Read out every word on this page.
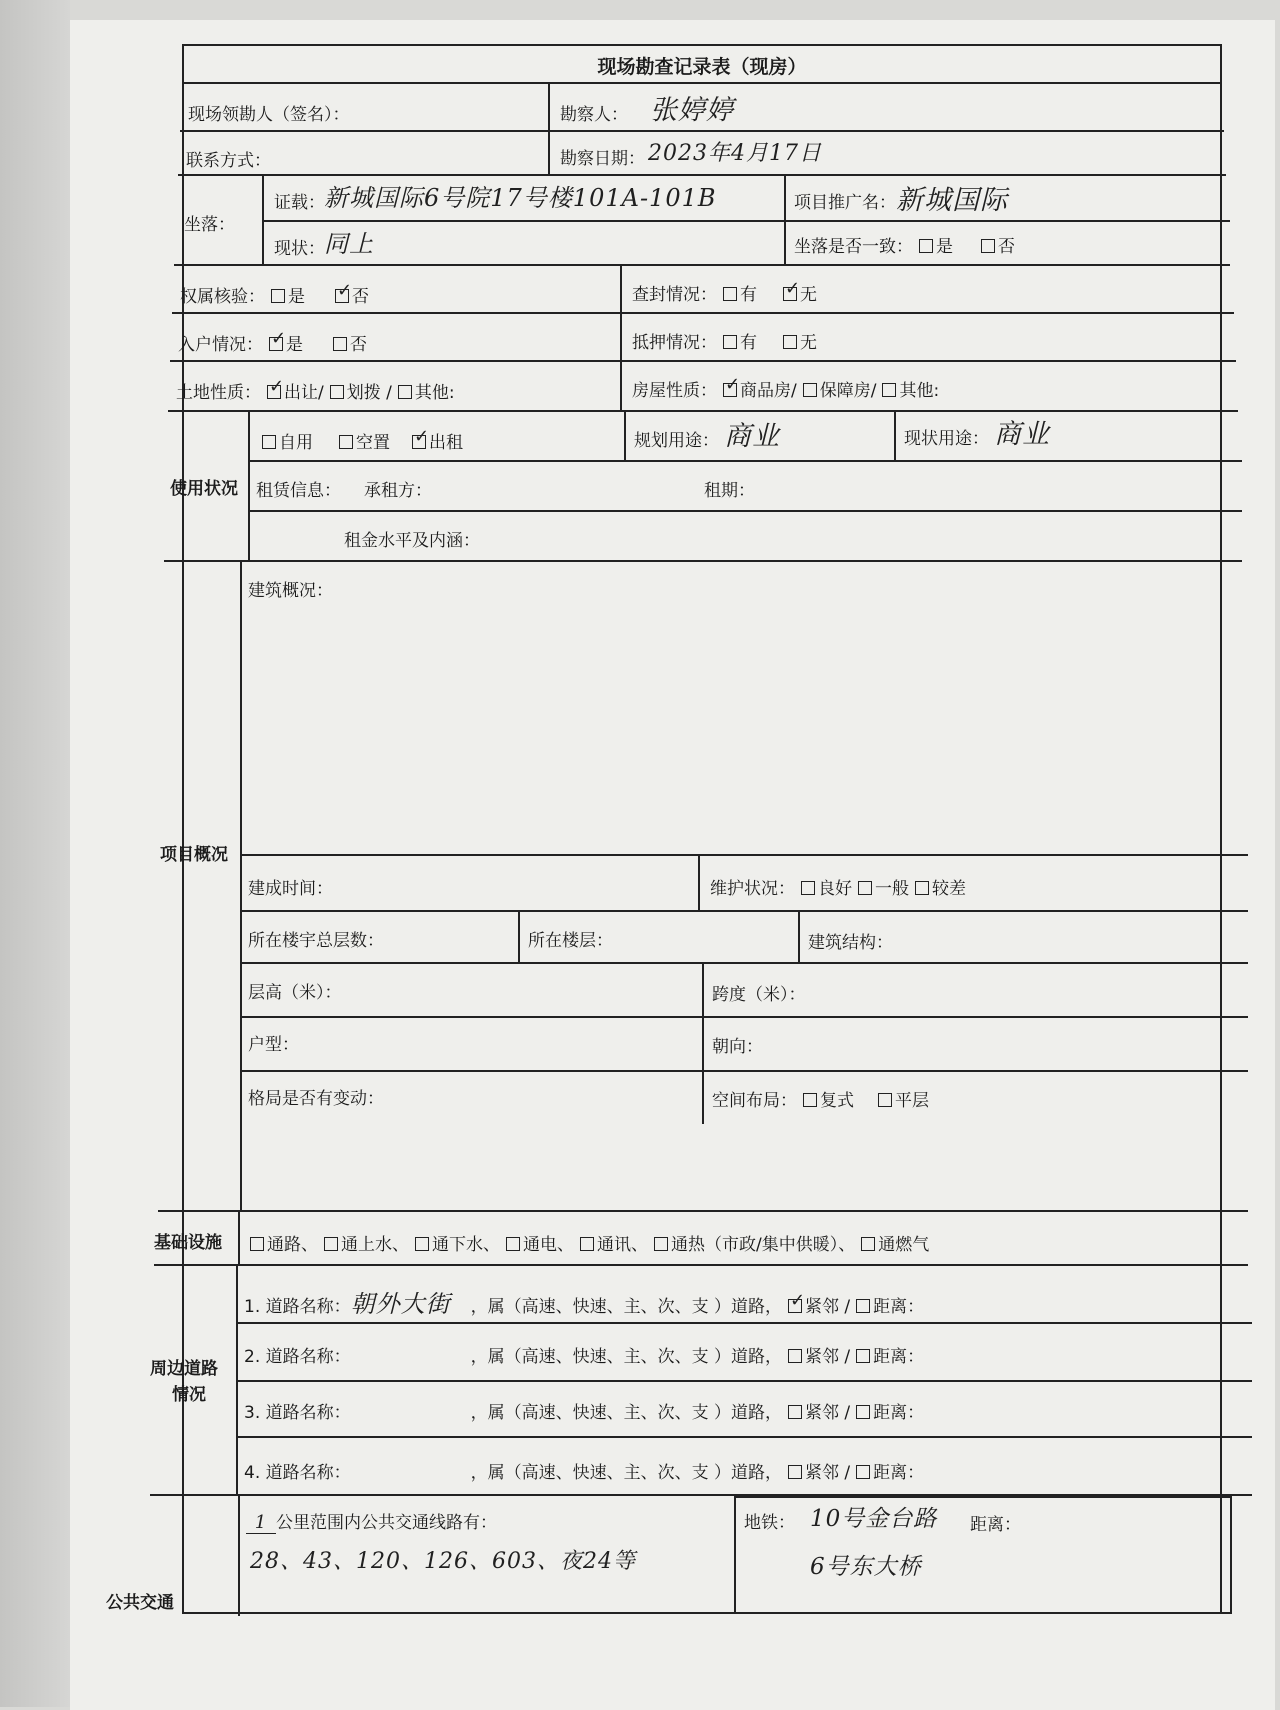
现场勘查记录表（现房）
现场领勘人（签名）：	勘察人： 张婷婷
联系方式：	勘察日期： 2023年4月17日
坐落：
证载： 新城国际6号院17号楼101A-101B	项目推广名： 新城国际
现状： 同上	坐落是否一致： 是	否
权属核验： 是 ✓	否	查封情况： 有 ✓	无
入户情况： ✓ 是	否	抵押情况： 有	无
土地性质： ✓ 出让/ 划拨 / 其他:	房屋性质： ✓ 商品房/ 保障房/ 其他:
使用状况
自用	空置 ✓ 出租	规划用途： 商业	现状用途： 商业
租赁信息： 承租方：	租期：
租金水平及内涵：
项目概况
建筑概况：
建成时间：	维护状况： 良好 一般 较差
所在楼宇总层数：	所在楼层：	建筑结构：
层高（米）：	跨度（米）：
户型：	朝向：
格局是否有变动：	空间布局： 复式 平层
基础设施	通路、 通上水、 通下水、 通电、 通讯、 通热（市政/集中供暖）、 通燃气
周边道路
情况
1. 道路名称：朝外大街 ，属（高速、快速、主、次、支 ）道路， ✓ 紧邻 / 距离：
2. 道路名称：	，属（高速、快速、主、次、支 ）道路， 紧邻 / 距离：
3. 道路名称：	，属（高速、快速、主、次、支 ）道路， 紧邻 / 距离：
4. 道路名称：	，属（高速、快速、主、次、支 ）道路， 紧邻 / 距离：
公共交通
1 公里范围内公共交通线路有：
28、43、120、126、603、夜24等
地铁： 10号金台路 距离：
6号东大桥
